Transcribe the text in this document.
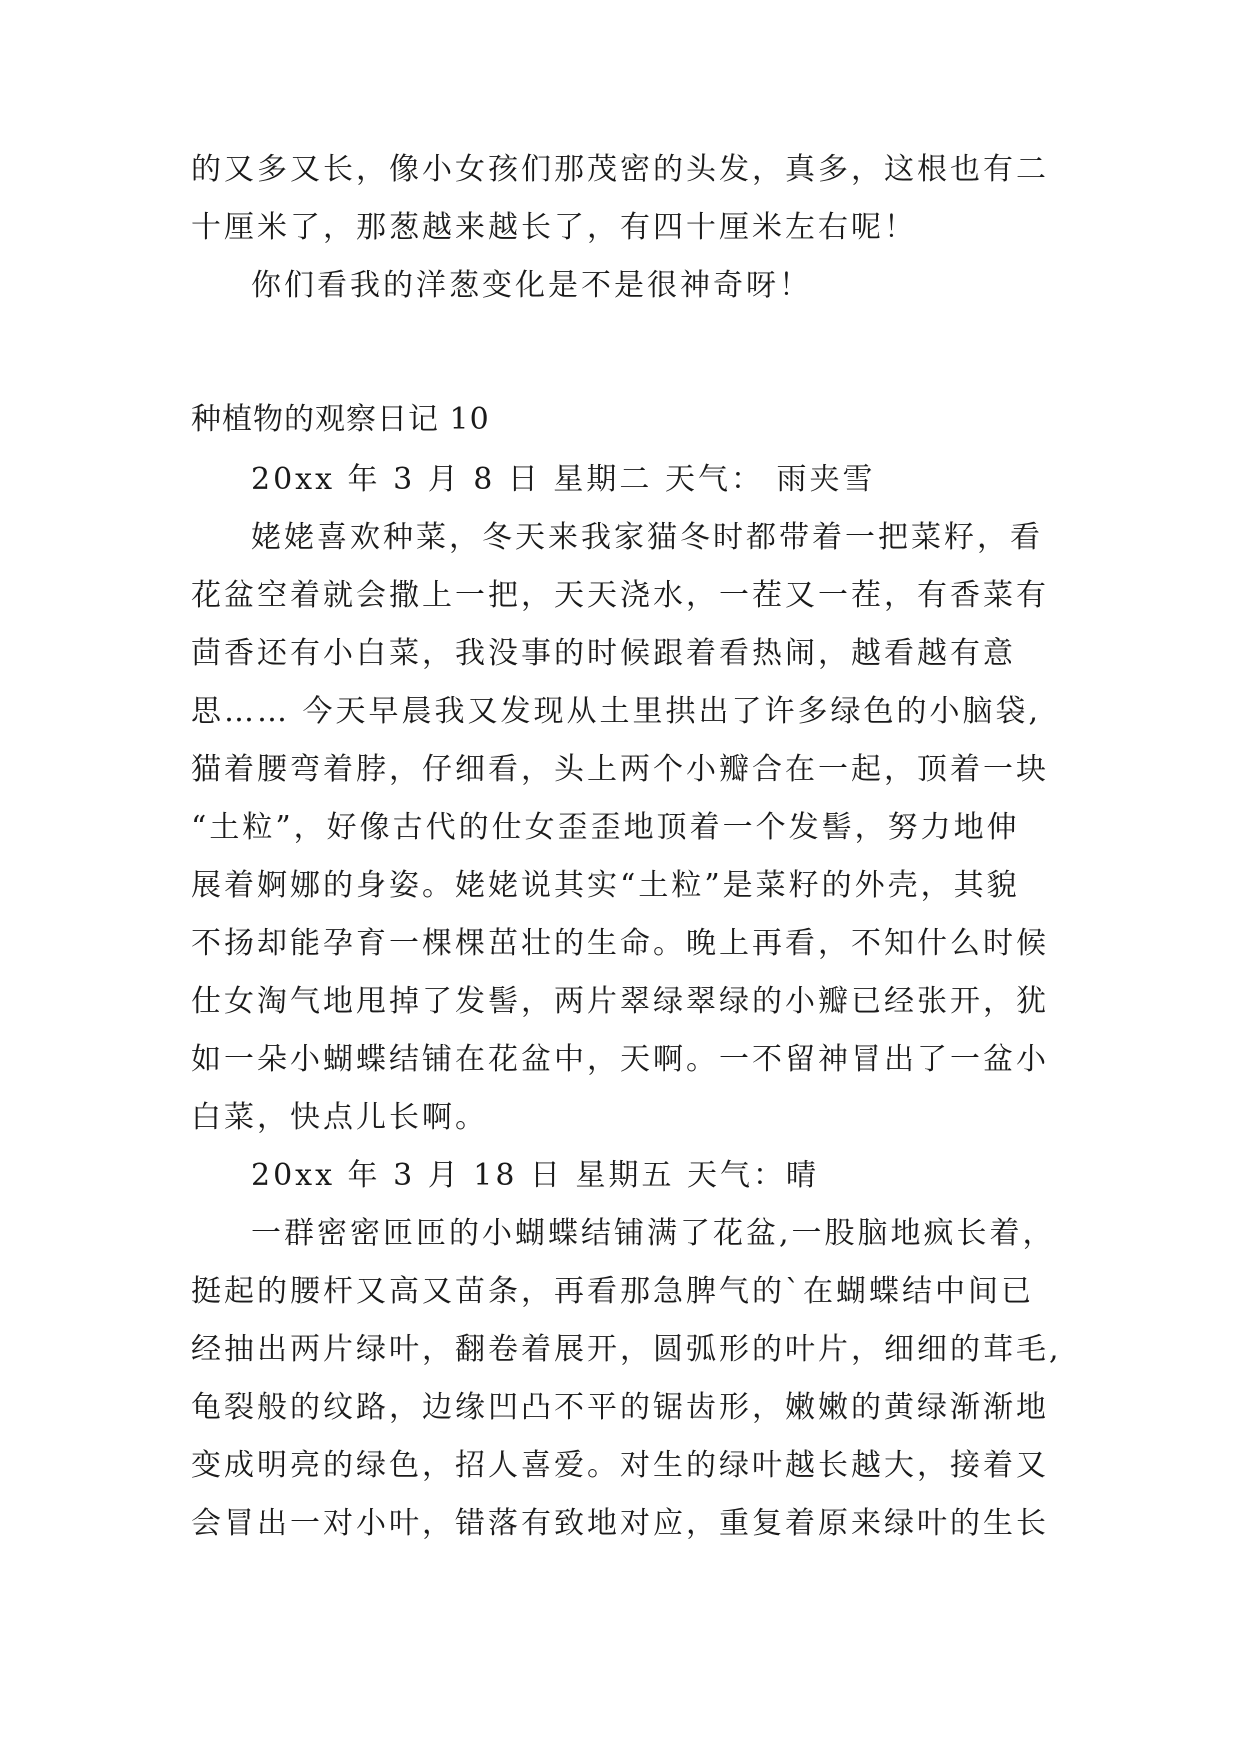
的又多又长，像小女孩们那茂密的头发，真多，这根也有二
十厘米了，那葱越来越长了，有四十厘米左右呢！
你们看我的洋葱变化是不是很神奇呀！
种植物的观察日记 10
20xx 年 3 月 8 日 星期二 天气： 雨夹雪
姥姥喜欢种菜，冬天来我家猫冬时都带着一把菜籽，看
花盆空着就会撒上一把，天天浇水，一茬又一茬，有香菜有
茴香还有小白菜，我没事的时候跟着看热闹，越看越有意
思…… 今天早晨我又发现从土里拱出了许多绿色的小脑袋,
猫着腰弯着脖，仔细看，头上两个小瓣合在一起，顶着一块
“土粒”，好像古代的仕女歪歪地顶着一个发髻，努力地伸
展着婀娜的身姿。姥姥说其实“土粒”是菜籽的外壳，其貌
不扬却能孕育一棵棵茁壮的生命。晚上再看，不知什么时候
仕女淘气地甩掉了发髻，两片翠绿翠绿的小瓣已经张开，犹
如一朵小蝴蝶结铺在花盆中，天啊。一不留神冒出了一盆小
白菜，快点儿长啊。
20xx 年 3 月 18 日 星期五 天气：晴
一群密密匝匝的小蝴蝶结铺满了花盆,一股脑地疯长着，
挺起的腰杆又高又苗条，再看那急脾气的`在蝴蝶结中间已
经抽出两片绿叶，翻卷着展开，圆弧形的叶片，细细的茸毛,
龟裂般的纹路，边缘凹凸不平的锯齿形，嫩嫩的黄绿渐渐地
变成明亮的绿色，招人喜爱。对生的绿叶越长越大，接着又
会冒出一对小叶，错落有致地对应，重复着原来绿叶的生长
